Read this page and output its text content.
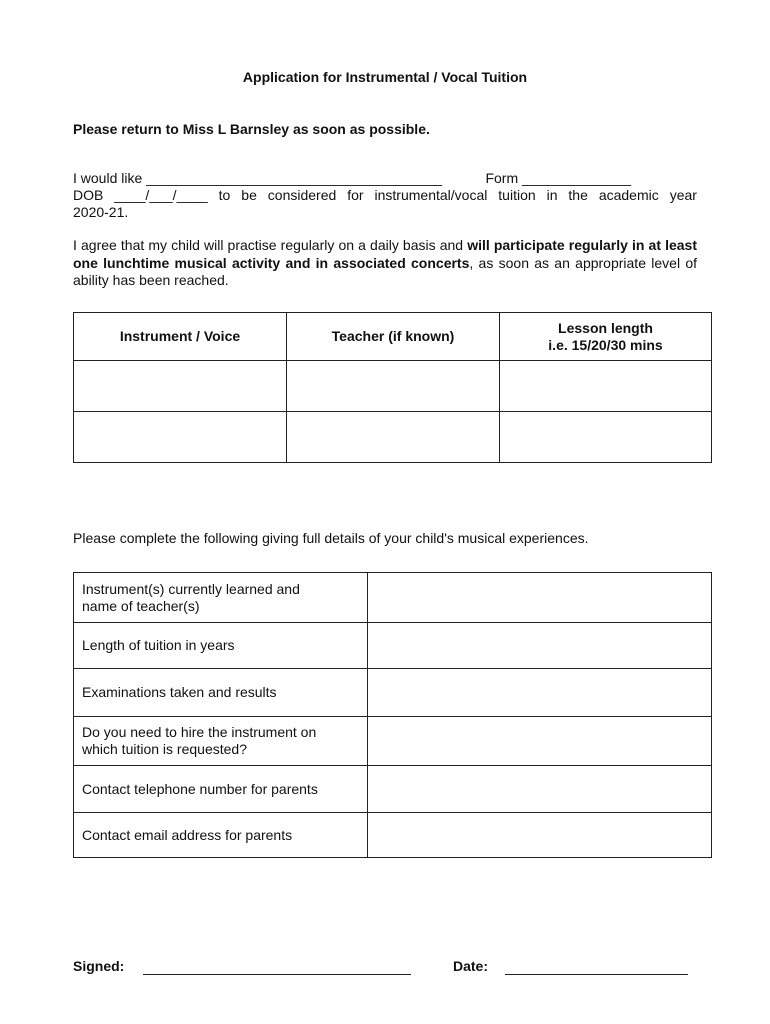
Application for Instrumental / Vocal Tuition
Please return to Miss L Barnsley as soon as possible.
I would like ______________________________________	Form ______________
DOB ____/___/____ to be considered for instrumental/vocal tuition in the academic year
2020-21.
I agree that my child will practise regularly on a daily basis and will participate regularly in at least one lunchtime musical activity and in associated concerts, as soon as an appropriate level of ability has been reached.
Instrument / Voice	Teacher (if known)	Lesson length
i.e. 15/20/30 mins

Please complete the following giving full details of your child's musical experiences.
Instrument(s) currently learned and
name of teacher(s)	

Length of tuition in years	
Examinations taken and results	

Do you need to hire the instrument on
which tuition is requested?	

Contact telephone number for parents	
Contact email address for parents	
Signed:	Date:
